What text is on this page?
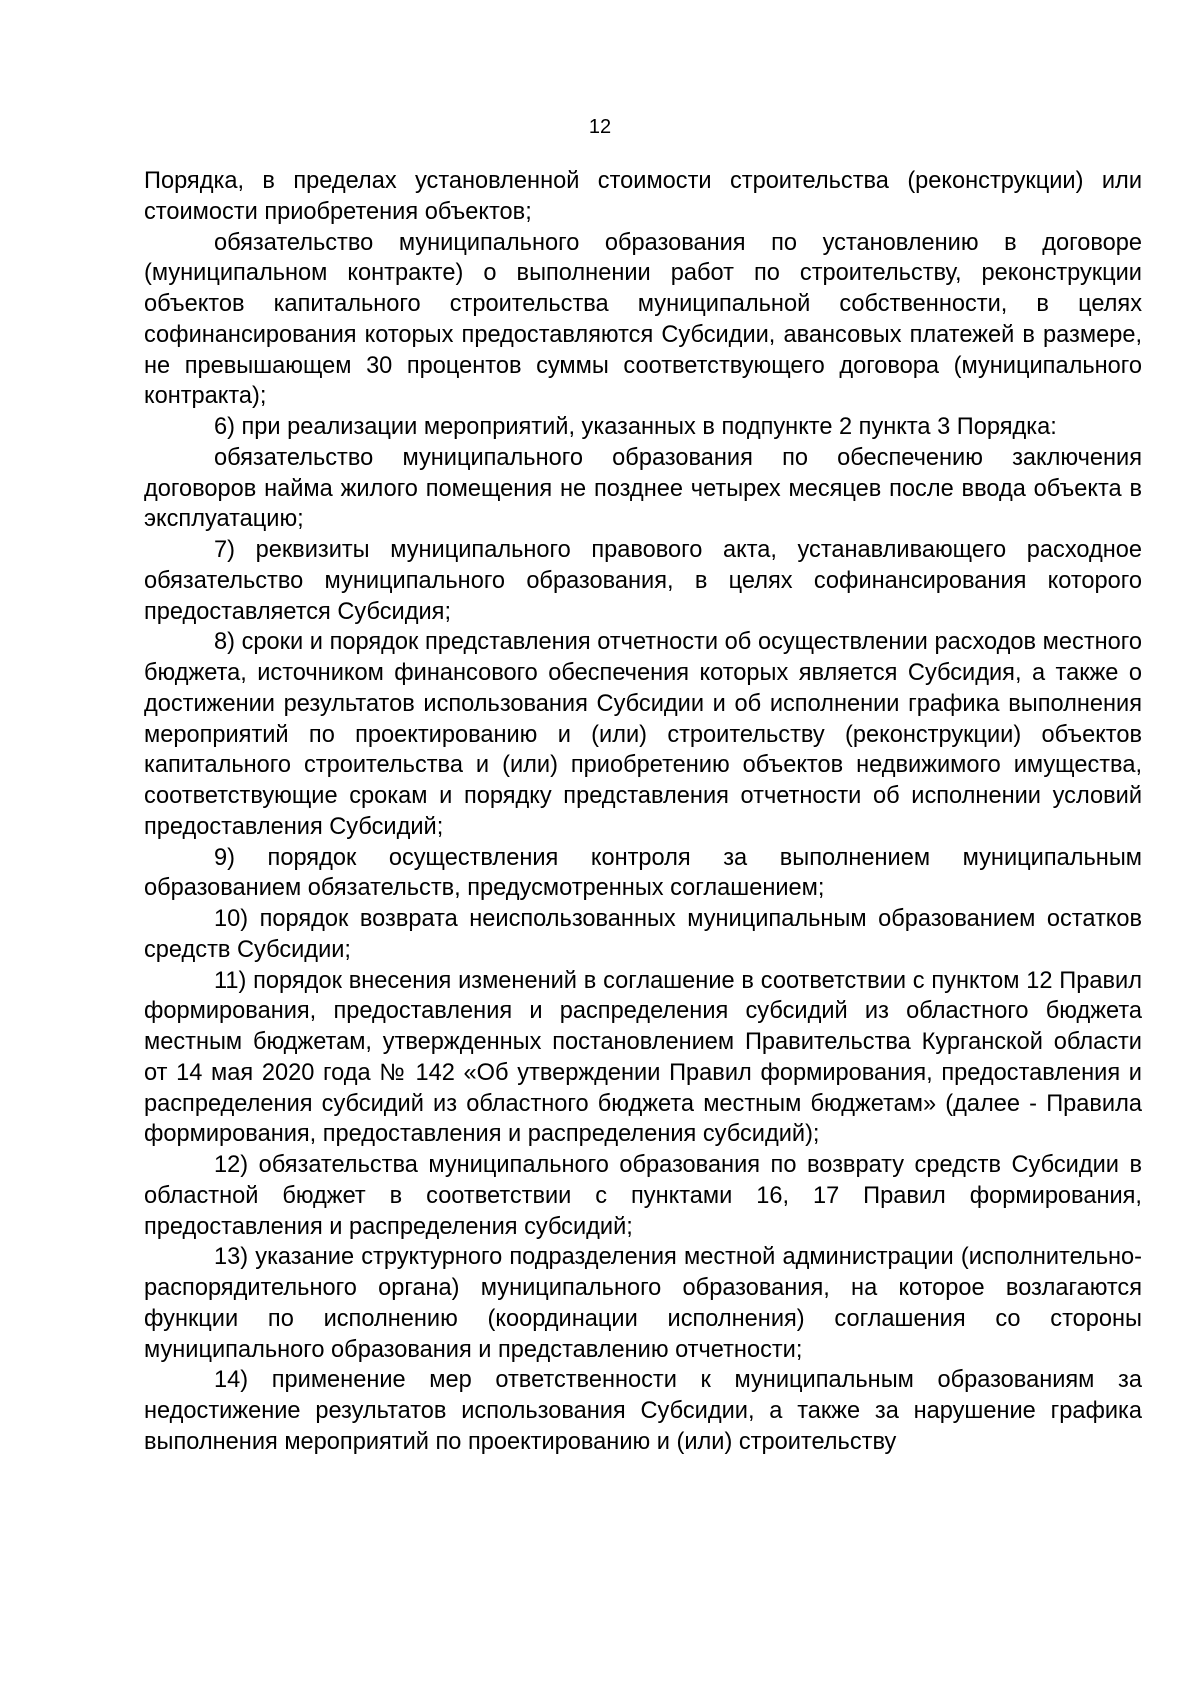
12

Порядка, в пределах установленной стоимости строительства (реконструкции) или стоимости приобретения объектов;

обязательство муниципального образования по установлению в договоре (муниципальном контракте) о выполнении работ по строительству, реконструкции объектов капитального строительства муниципальной собственности, в целях софинансирования которых предоставляются Субсидии, авансовых платежей в размере, не превышающем 30 процентов суммы соответствующего договора (муниципального контракта);

6) при реализации мероприятий, указанных в подпункте 2 пункта 3 Порядка:

обязательство муниципального образования по обеспечению заключения договоров найма жилого помещения не позднее четырех месяцев после ввода объекта в эксплуатацию;

7) реквизиты муниципального правового акта, устанавливающего расходное обязательство муниципального образования, в целях софинансирования которого предоставляется Субсидия;

8) сроки и порядок представления отчетности об осуществлении расходов местного бюджета, источником финансового обеспечения которых является Субсидия, а также о достижении результатов использования Субсидии и об исполнении графика выполнения мероприятий по проектированию и (или) строительству (реконструкции) объектов капитального строительства и (или) приобретению объектов недвижимого имущества, соответствующие срокам и порядку представления отчетности об исполнении условий предоставления Субсидий;

9) порядок осуществления контроля за выполнением муниципальным образованием обязательств, предусмотренных соглашением;

10) порядок возврата неиспользованных муниципальным образованием остатков средств Субсидии;

11) порядок внесения изменений в соглашение в соответствии с пунктом 12 Правил формирования, предоставления и распределения субсидий из областного бюджета местным бюджетам, утвержденных постановлением Правительства Курганской области от 14 мая 2020 года № 142 «Об утверждении Правил формирования, предоставления и распределения субсидий из областного бюджета местным бюджетам» (далее - Правила формирования, предоставления и распределения субсидий);

12) обязательства муниципального образования по возврату средств Субсидии в областной бюджет в соответствии с пунктами 16, 17 Правил формирования, предоставления и распределения субсидий;

13) указание структурного подразделения местной администрации (исполнительно-распорядительного органа) муниципального образования, на которое возлагаются функции по исполнению (координации исполнения) соглашения со стороны муниципального образования и представлению отчетности;

14) применение мер ответственности к муниципальным образованиям за недостижение результатов использования Субсидии, а также за нарушение графика выполнения мероприятий по проектированию и (или) строительству
